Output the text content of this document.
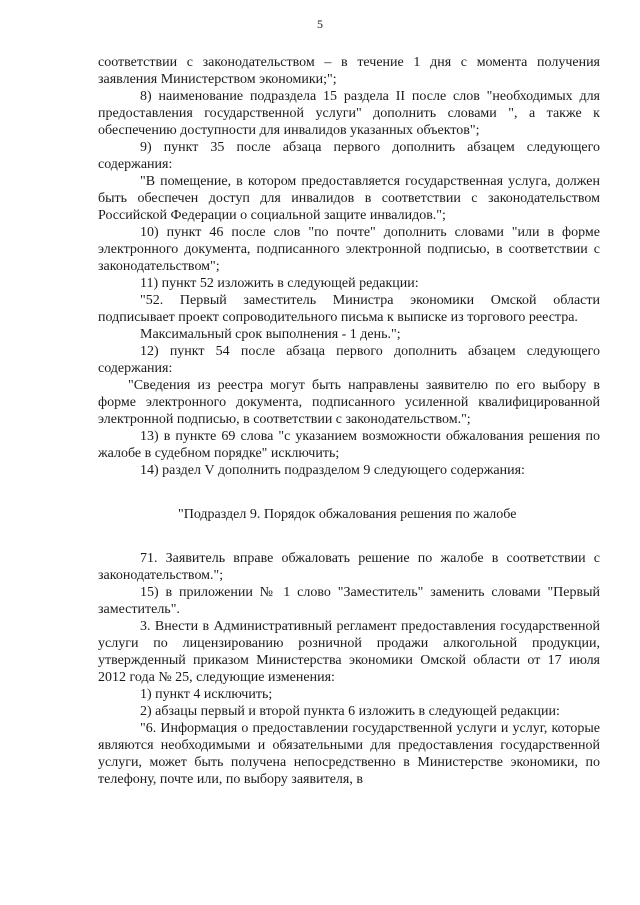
5

соответствии с законодательством – в течение 1 дня с момента получения заявления Министерством экономики;";

8) наименование подраздела 15 раздела II после слов "необходимых для предоставления государственной услуги" дополнить словами ", а также к обеспечению доступности для инвалидов указанных объектов";

9) пункт 35 после абзаца первого дополнить абзацем следующего содержания:

"В помещение, в котором предоставляется государственная услуга, должен быть обеспечен доступ для инвалидов в соответствии с законодательством Российской Федерации о социальной защите инвалидов.";

10) пункт 46 после слов "по почте" дополнить словами "или в форме электронного документа, подписанного электронной подписью, в соответствии с законодательством";

11) пункт 52 изложить в следующей редакции:

"52. Первый заместитель Министра экономики Омской области подписывает проект сопроводительного письма к выписке из торгового реестра.

Максимальный срок выполнения - 1 день.";

12) пункт 54 после абзаца первого дополнить абзацем следующего содержания:

"Сведения из реестра могут быть направлены заявителю по его выбору в форме электронного документа, подписанного усиленной квалифицированной электронной подписью, в соответствии с законодательством.";

13) в пункте 69 слова "с указанием возможности обжалования решения по жалобе в судебном порядке" исключить;

14) раздел V дополнить подразделом 9 следующего содержания:

"Подраздел 9. Порядок обжалования решения по жалобе

71. Заявитель вправе обжаловать решение по жалобе в соответствии с законодательством.";

15) в приложении № 1 слово "Заместитель" заменить словами "Первый заместитель".

3. Внести в Административный регламент предоставления государственной услуги по лицензированию розничной продажи алкогольной продукции, утвержденный приказом Министерства экономики Омской области от 17 июля 2012 года № 25, следующие изменения:

1) пункт 4 исключить;

2) абзацы первый и второй пункта 6 изложить в следующей редакции:

"6. Информация о предоставлении государственной услуги и услуг, которые являются необходимыми и обязательными для предоставления государственной услуги, может быть получена непосредственно в Министерстве экономики, по телефону, почте или, по выбору заявителя, в
